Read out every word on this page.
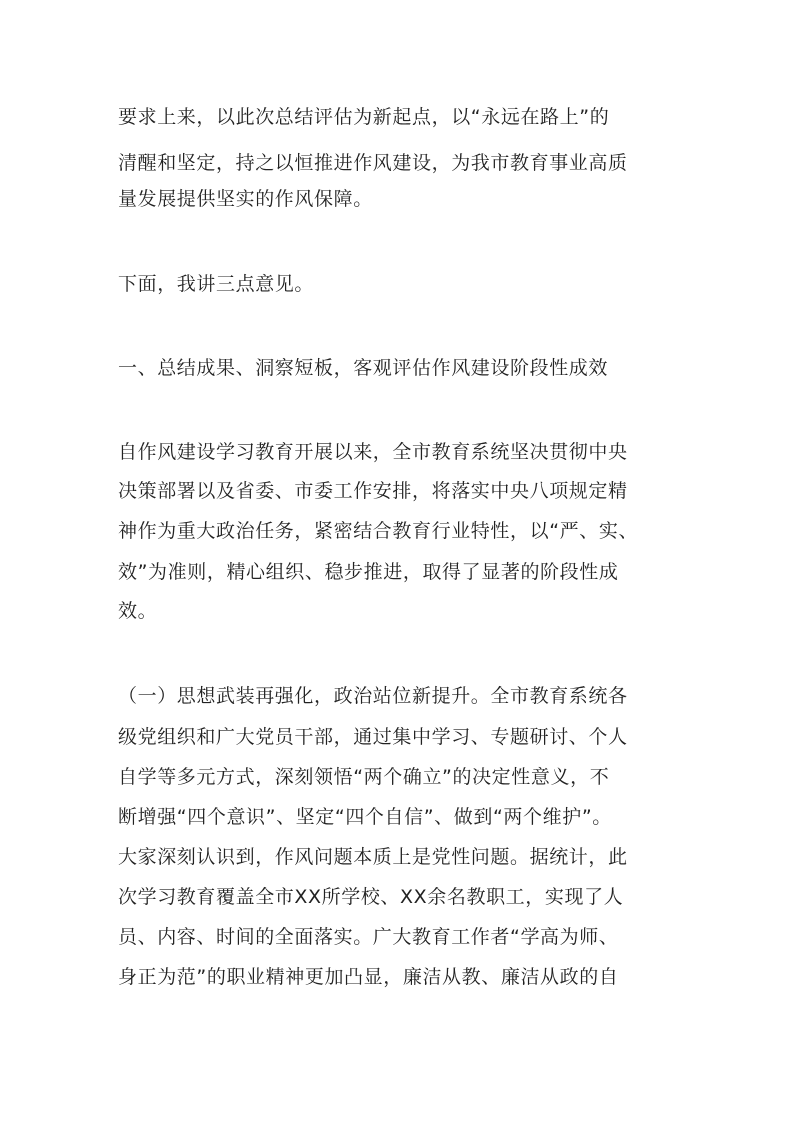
要求上来，以此次总结评估为新起点，以“永远在路上”的
清醒和坚定，持之以恒推进作风建设，为我市教育事业高质
量发展提供坚实的作风保障。
下面，我讲三点意见。
一、总结成果、洞察短板，客观评估作风建设阶段性成效
自作风建设学习教育开展以来，全市教育系统坚决贯彻中央
决策部署以及省委、市委工作安排，将落实中央八项规定精
神作为重大政治任务，紧密结合教育行业特性，以“严、实、
效”为准则，精心组织、稳步推进，取得了显著的阶段性成
效。
（一）思想武装再强化，政治站位新提升。全市教育系统各
级党组织和广大党员干部，通过集中学习、专题研讨、个人
自学等多元方式，深刻领悟“两个确立”的决定性意义，不
断增强“四个意识”、坚定“四个自信”、做到“两个维护”。
大家深刻认识到，作风问题本质上是党性问题。据统计，此
次学习教育覆盖全市XX所学校、XX余名教职工，实现了人
员、内容、时间的全面落实。广大教育工作者“学高为师、
身正为范”的职业精神更加凸显，廉洁从教、廉洁从政的自
